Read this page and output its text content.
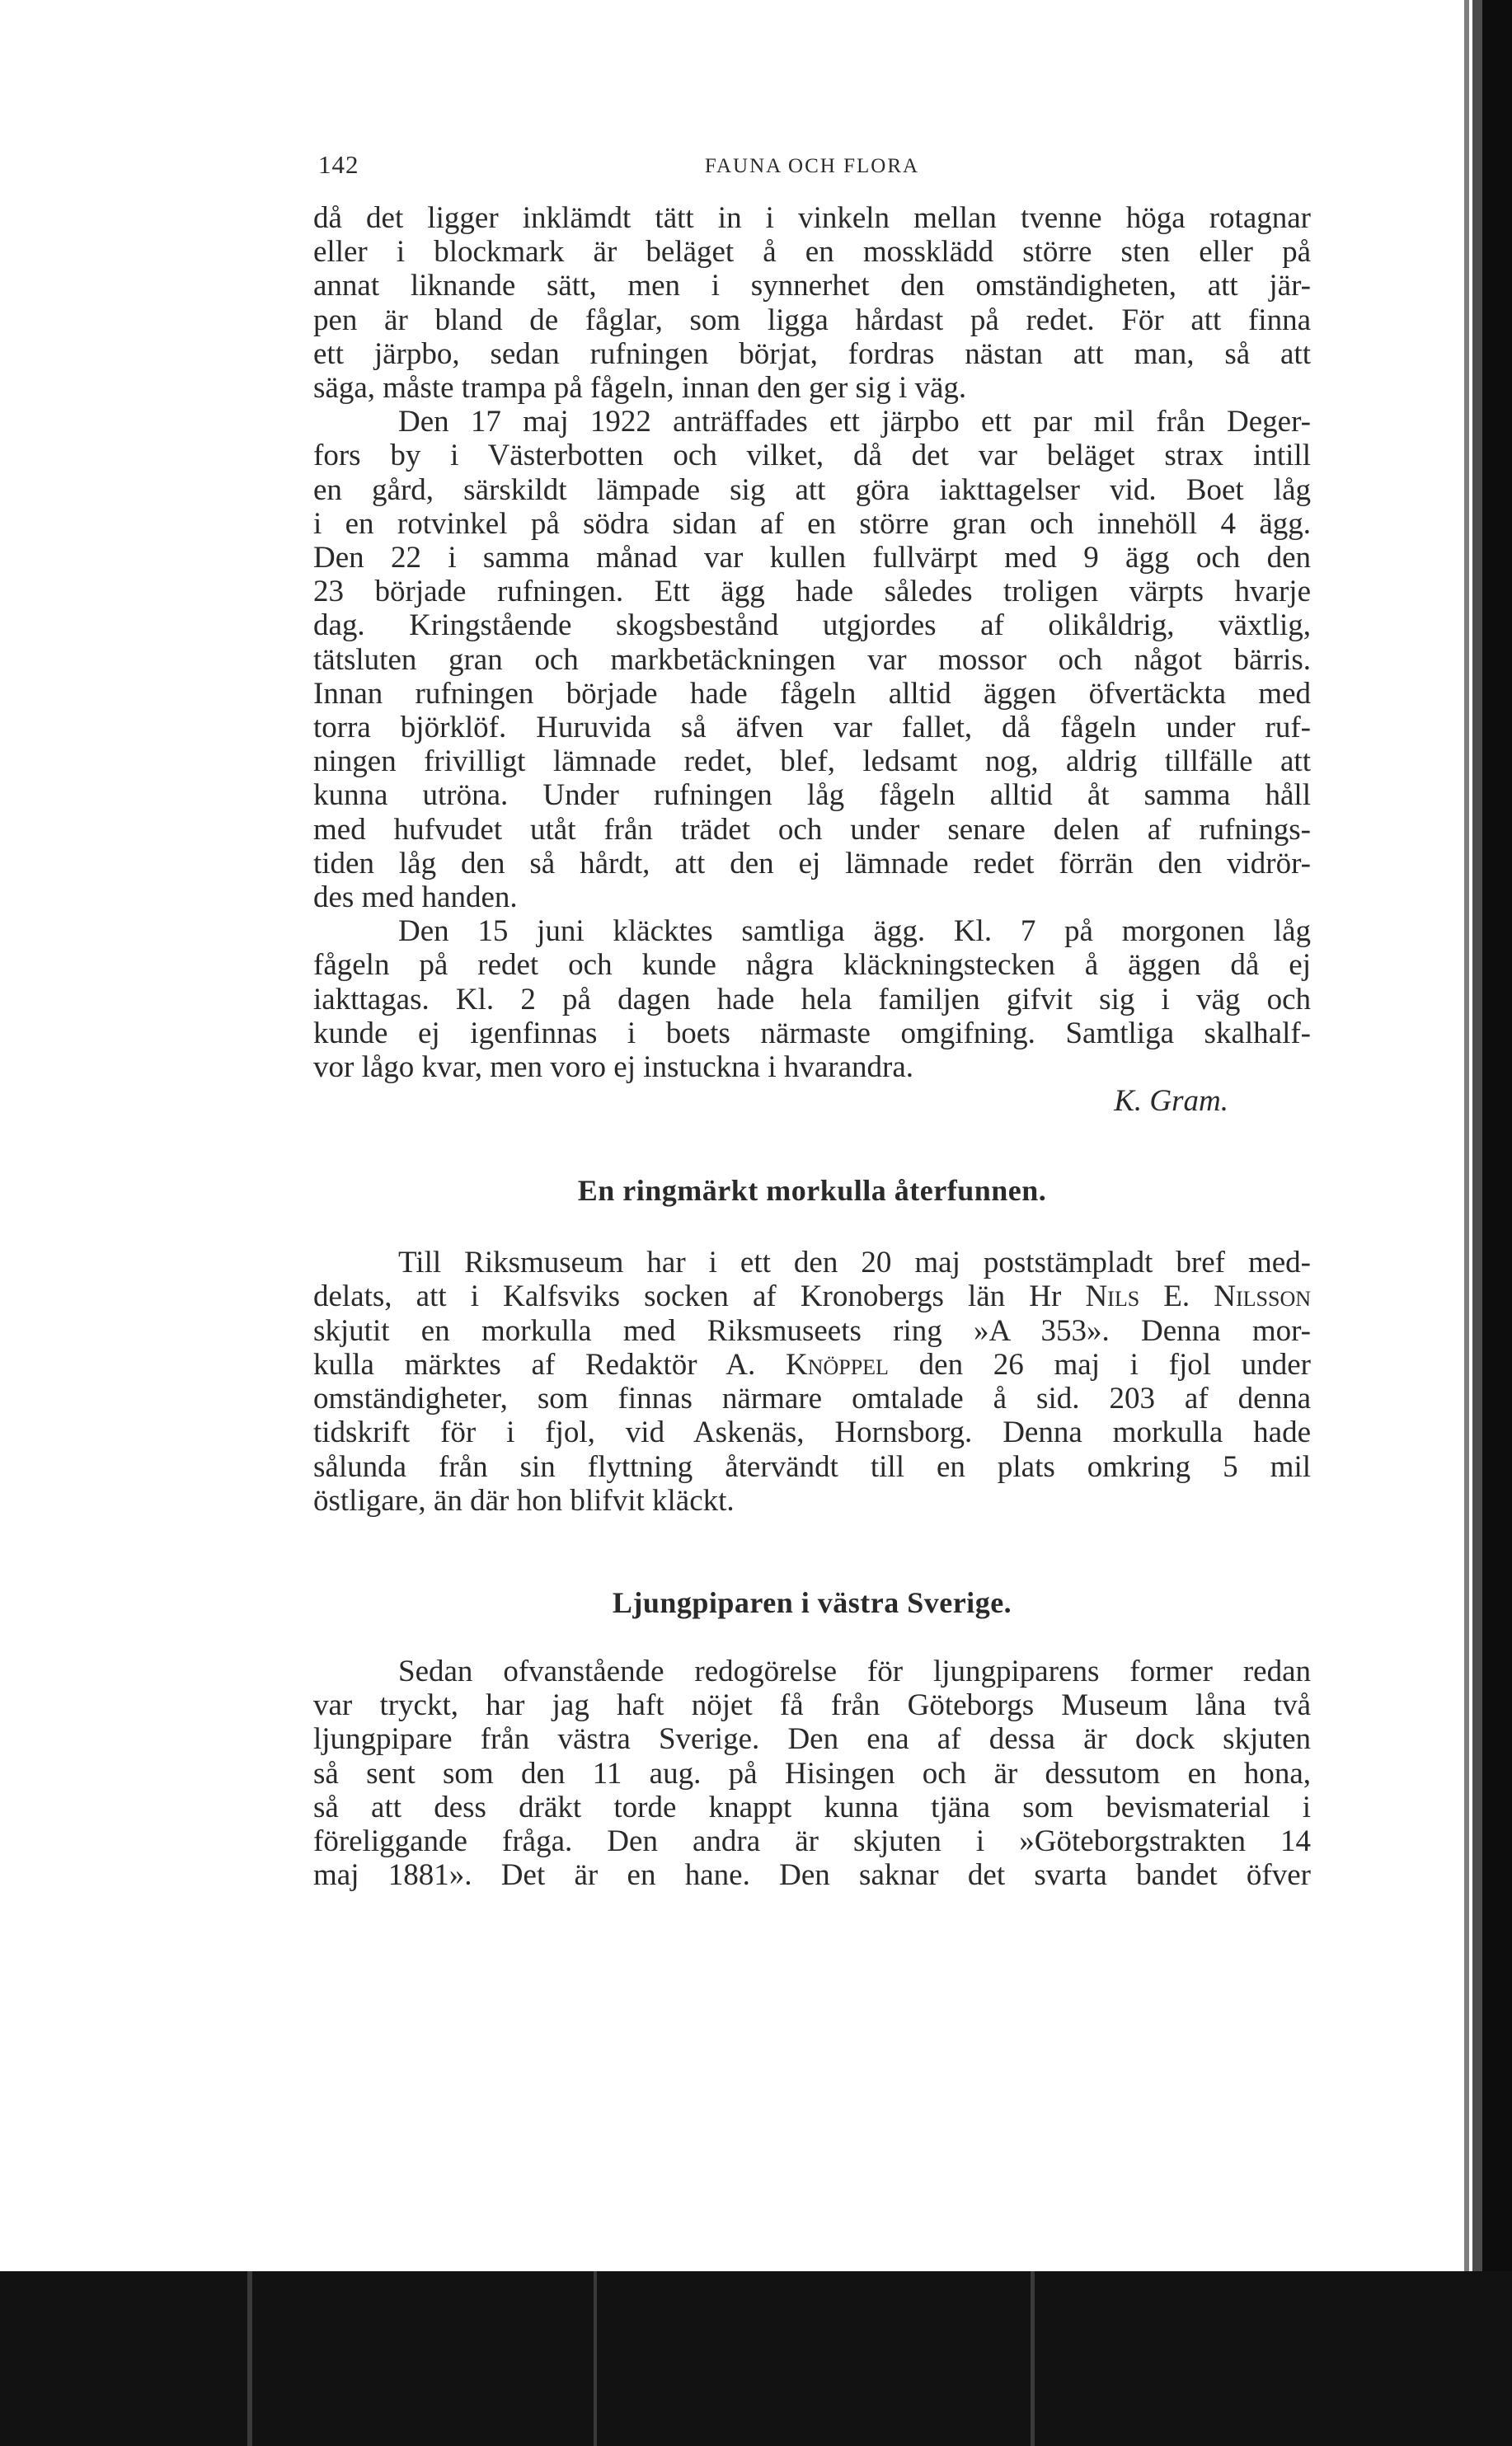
142	FAUNA OCH FLORA
då det ligger inklämdt tätt in i vinkeln mellan tvenne höga rotagnar
eller i blockmark är beläget å en mossklädd större sten eller på
annat liknande sätt, men i synnerhet den omständigheten, att jär-
pen är bland de fåglar, som ligga hårdast på redet. För att finna
ett järpbo, sedan rufningen börjat, fordras nästan att man, så att
säga, måste trampa på fågeln, innan den ger sig i väg.
Den 17 maj 1922 anträffades ett järpbo ett par mil från Deger-
fors by i Västerbotten och vilket, då det var beläget strax intill
en gård, särskildt lämpade sig att göra iakttagelser vid. Boet låg
i en rotvinkel på södra sidan af en större gran och innehöll 4 ägg.
Den 22 i samma månad var kullen fullvärpt med 9 ägg och den
23 började rufningen. Ett ägg hade således troligen värpts hvarje
dag. Kringstående skogsbestånd utgjordes af olikåldrig, växtlig,
tätsluten gran och markbetäckningen var mossor och något bärris.
Innan rufningen började hade fågeln alltid äggen öfvertäckta med
torra björklöf. Huruvida så äfven var fallet, då fågeln under ruf-
ningen frivilligt lämnade redet, blef, ledsamt nog, aldrig tillfälle att
kunna utröna. Under rufningen låg fågeln alltid åt samma håll
med hufvudet utåt från trädet och under senare delen af rufnings-
tiden låg den så hårdt, att den ej lämnade redet förrän den vidrör-
des med handen.
Den 15 juni kläcktes samtliga ägg. Kl. 7 på morgonen låg
fågeln på redet och kunde några kläckningstecken å äggen då ej
iakttagas. Kl. 2 på dagen hade hela familjen gifvit sig i väg och
kunde ej igenfinnas i boets närmaste omgifning. Samtliga skalhalf-
vor lågo kvar, men voro ej instuckna i hvarandra.
K. Gram.
En ringmärkt morkulla återfunnen.
Till Riksmuseum har i ett den 20 maj poststämpladt bref med-
delats, att i Kalfsviks socken af Kronobergs län Hr Nils E. Nilsson
skjutit en morkulla med Riksmuseets ring »A 353». Denna mor-
kulla märktes af Redaktör A. Knöppel den 26 maj i fjol under
omständigheter, som finnas närmare omtalade å sid. 203 af denna
tidskrift för i fjol, vid Askenäs, Hornsborg. Denna morkulla hade
sålunda från sin flyttning återvändt till en plats omkring 5 mil
östligare, än där hon blifvit kläckt.
Ljungpiparen i västra Sverige.
Sedan ofvanstående redogörelse för ljungpiparens former redan
var tryckt, har jag haft nöjet få från Göteborgs Museum låna två
ljungpipare från västra Sverige. Den ena af dessa är dock skjuten
så sent som den 11 aug. på Hisingen och är dessutom en hona,
så att dess dräkt torde knappt kunna tjäna som bevismaterial i
föreliggande fråga. Den andra är skjuten i »Göteborgstrakten 14
maj 1881». Det är en hane. Den saknar det svarta bandet öfver
